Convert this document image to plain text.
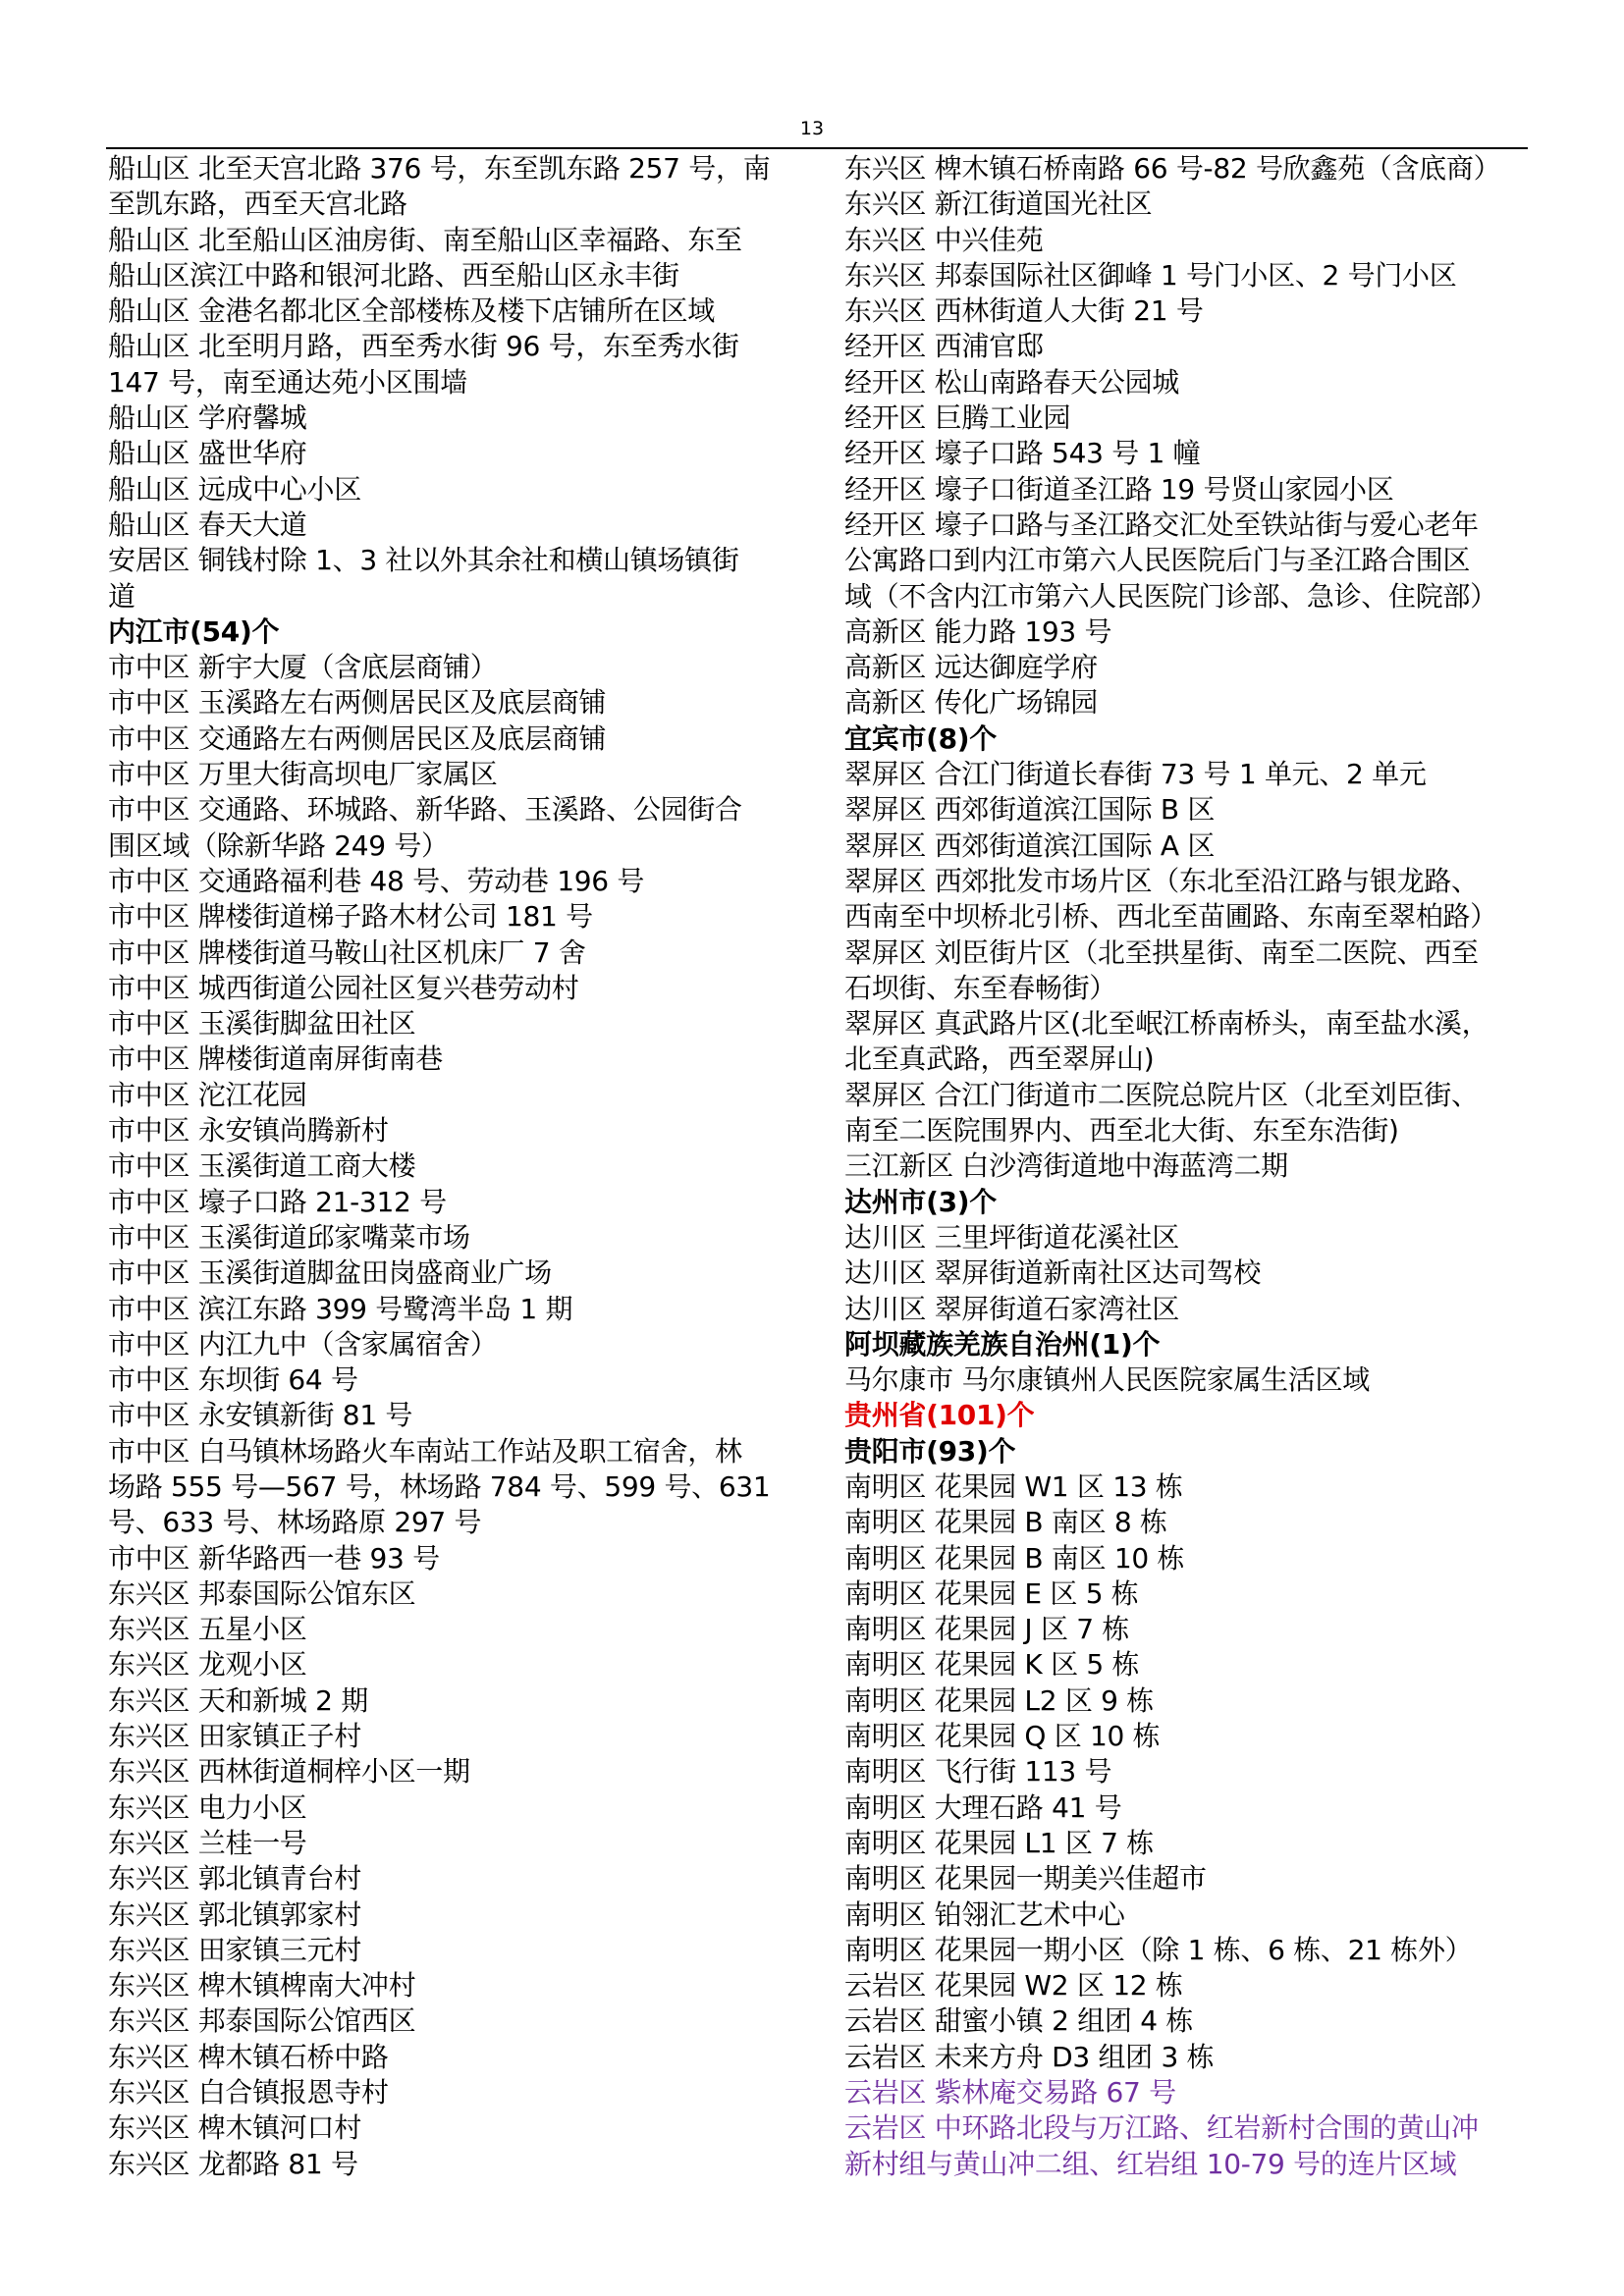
13
船山区 北至天宫北路 376 号，东至凯东路 257 号，南
至凯东路，西至天宫北路
船山区 北至船山区油房街、南至船山区幸福路、东至
船山区滨江中路和银河北路、西至船山区永丰街
船山区 金港名都北区全部楼栋及楼下店铺所在区域
船山区 北至明月路，西至秀水街 96 号，东至秀水街
147 号，南至通达苑小区围墙
船山区 学府馨城
船山区 盛世华府
船山区 远成中心小区
船山区 春天大道
安居区 铜钱村除 1、3 社以外其余社和横山镇场镇街
道
内江市(54)个
市中区 新宇大厦（含底层商铺）
市中区 玉溪路左右两侧居民区及底层商铺
市中区 交通路左右两侧居民区及底层商铺
市中区 万里大街高坝电厂家属区
市中区 交通路、环城路、新华路、玉溪路、公园街合
围区域（除新华路 249 号）
市中区 交通路福利巷 48 号、劳动巷 196 号
市中区 牌楼街道梯子路木材公司 181 号
市中区 牌楼街道马鞍山社区机床厂 7 舍
市中区 城西街道公园社区复兴巷劳动村
市中区 玉溪街脚盆田社区
市中区 牌楼街道南屏街南巷
市中区 沱江花园
市中区 永安镇尚腾新村
市中区 玉溪街道工商大楼
市中区 壕子口路 21-312 号
市中区 玉溪街道邱家嘴菜市场
市中区 玉溪街道脚盆田岗盛商业广场
市中区 滨江东路 399 号鹭湾半岛 1 期
市中区 内江九中（含家属宿舍）
市中区 东坝街 64 号
市中区 永安镇新街 81 号
市中区 白马镇林场路火车南站工作站及职工宿舍，林
场路 555 号—567 号，林场路 784 号、599 号、631
号、633 号、林场路原 297 号
市中区 新华路西一巷 93 号
东兴区 邦泰国际公馆东区
东兴区 五星小区
东兴区 龙观小区
东兴区 天和新城 2 期
东兴区 田家镇正子村
东兴区 西林街道桐梓小区一期
东兴区 电力小区
东兴区 兰桂一号
东兴区 郭北镇青台村
东兴区 郭北镇郭家村
东兴区 田家镇三元村
东兴区 椑木镇椑南大冲村
东兴区 邦泰国际公馆西区
东兴区 椑木镇石桥中路
东兴区 白合镇报恩寺村
东兴区 椑木镇河口村
东兴区 龙都路 81 号
东兴区 椑木镇石桥南路 66 号-82 号欣鑫苑（含底商）
东兴区 新江街道国光社区
东兴区 中兴佳苑
东兴区 邦泰国际社区御峰 1 号门小区、2 号门小区
东兴区 西林街道人大街 21 号
经开区 西浦官邸
经开区 松山南路春天公园城
经开区 巨腾工业园
经开区 壕子口路 543 号 1 幢
经开区 壕子口街道圣江路 19 号贤山家园小区
经开区 壕子口路与圣江路交汇处至铁站街与爱心老年
公寓路口到内江市第六人民医院后门与圣江路合围区
域（不含内江市第六人民医院门诊部、急诊、住院部）
高新区 能力路 193 号
高新区 远达御庭学府
高新区 传化广场锦园
宜宾市(8)个
翠屏区 合江门街道长春街 73 号 1 单元、2 单元
翠屏区 西郊街道滨江国际 B 区
翠屏区 西郊街道滨江国际 A 区
翠屏区 西郊批发市场片区（东北至沿江路与银龙路、
西南至中坝桥北引桥、西北至苗圃路、东南至翠柏路）
翠屏区 刘臣街片区（北至拱星街、南至二医院、西至
石坝街、东至春畅街）
翠屏区 真武路片区(北至岷江桥南桥头，南至盐水溪，
北至真武路，西至翠屏山)
翠屏区 合江门街道市二医院总院片区（北至刘臣街、
南至二医院围界内、西至北大街、东至东浩街)
三江新区 白沙湾街道地中海蓝湾二期
达州市(3)个
达川区 三里坪街道花溪社区
达川区 翠屏街道新南社区达司驾校
达川区 翠屏街道石家湾社区
阿坝藏族羌族自治州(1)个
马尔康市 马尔康镇州人民医院家属生活区域
贵州省(101)个
贵阳市(93)个
南明区 花果园 W1 区 13 栋
南明区 花果园 B 南区 8 栋
南明区 花果园 B 南区 10 栋
南明区 花果园 E 区 5 栋
南明区 花果园 J 区 7 栋
南明区 花果园 K 区 5 栋
南明区 花果园 L2 区 9 栋
南明区 花果园 Q 区 10 栋
南明区 飞行街 113 号
南明区 大理石路 41 号
南明区 花果园 L1 区 7 栋
南明区 花果园一期美兴佳超市
南明区 铂翎汇艺术中心
南明区 花果园一期小区（除 1 栋、6 栋、21 栋外）
云岩区 花果园 W2 区 12 栋
云岩区 甜蜜小镇 2 组团 4 栋
云岩区 未来方舟 D3 组团 3 栋
云岩区 紫林庵交易路 67 号
云岩区 中环路北段与万江路、红岩新村合围的黄山冲
新村组与黄山冲二组、红岩组 10-79 号的连片区域
